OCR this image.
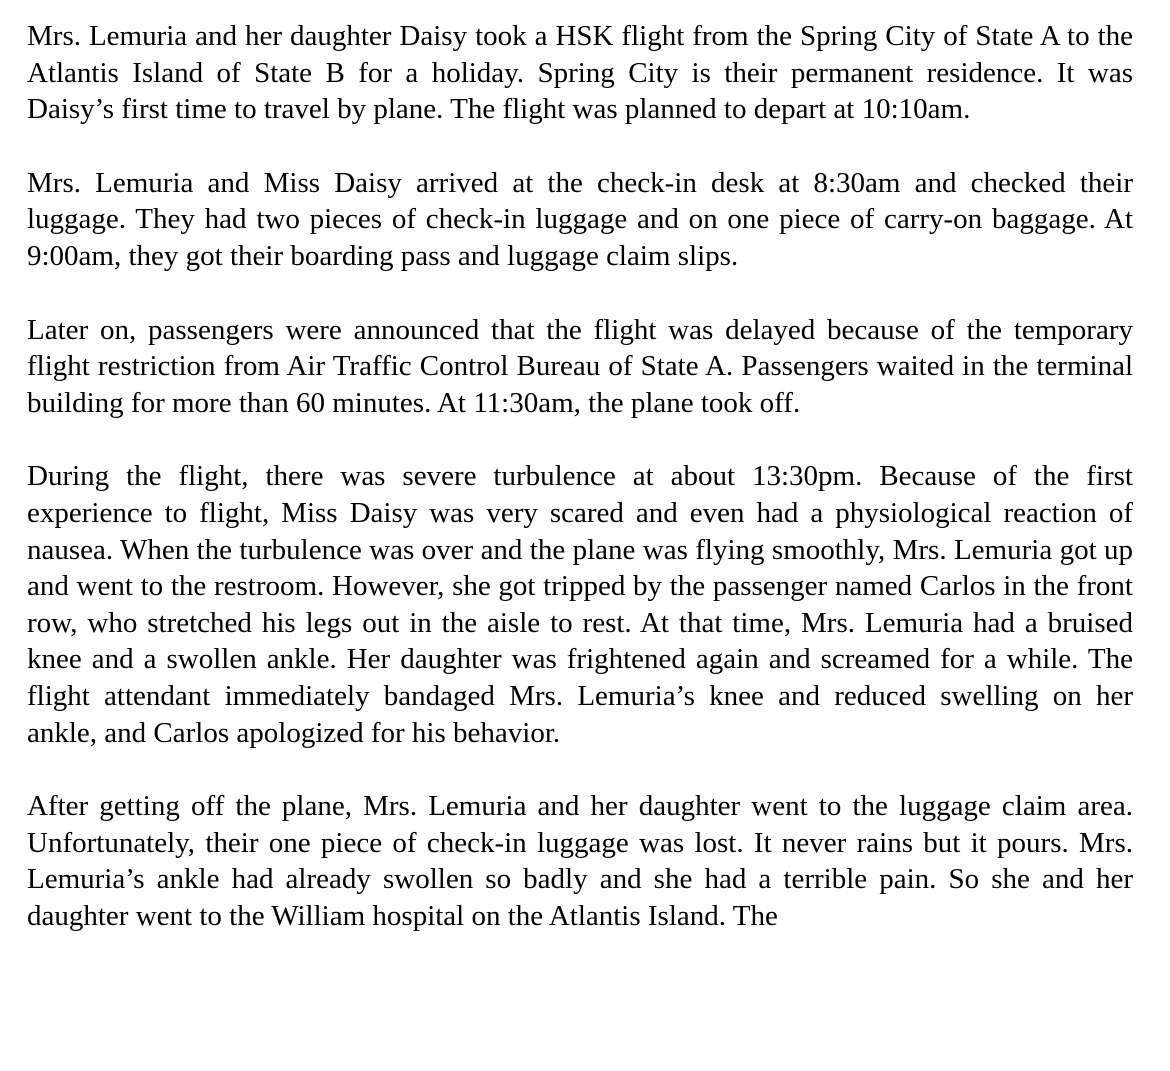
Mrs. Lemuria and her daughter Daisy took a HSK flight from the Spring City of State A to the Atlantis Island of State B for a holiday. Spring City is their permanent residence. It was Daisy’s first time to travel by plane. The flight was planned to depart at 10:10am.

Mrs. Lemuria and Miss Daisy arrived at the check-in desk at 8:30am and checked their luggage. They had two pieces of check-in luggage and on one piece of carry-on baggage. At 9:00am, they got their boarding pass and luggage claim slips.

Later on, passengers were announced that the flight was delayed because of the temporary flight restriction from Air Traffic Control Bureau of State A. Passengers waited in the terminal building for more than 60 minutes. At 11:30am, the plane took off.

During the flight, there was severe turbulence at about 13:30pm. Because of the first experience to flight, Miss Daisy was very scared and even had a physiological reaction of nausea. When the turbulence was over and the plane was flying smoothly, Mrs. Lemuria got up and went to the restroom. However, she got tripped by the passenger named Carlos in the front row, who stretched his legs out in the aisle to rest. At that time, Mrs. Lemuria had a bruised knee and a swollen ankle. Her daughter was frightened again and screamed for a while. The flight attendant immediately bandaged Mrs. Lemuria’s knee and reduced swelling on her ankle, and Carlos apologized for his behavior.

After getting off the plane, Mrs. Lemuria and her daughter went to the luggage claim area. Unfortunately, their one piece of check-in luggage was lost. It never rains but it pours. Mrs. Lemuria’s ankle had already swollen so badly and she had a terrible pain. So she and her daughter went to the William hospital on the Atlantis Island. The
